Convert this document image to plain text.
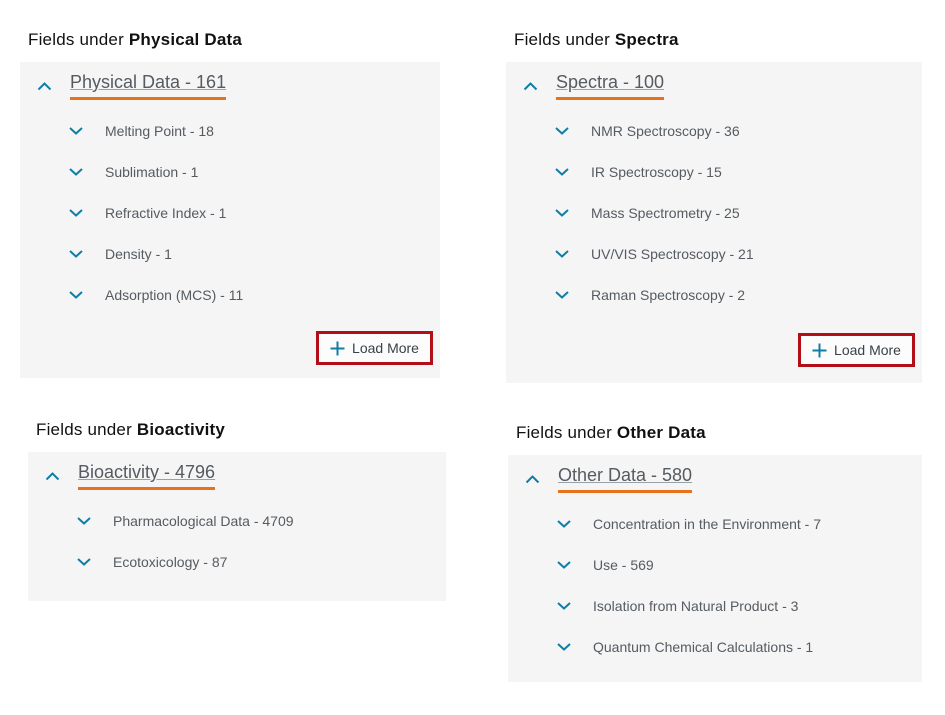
Fields under Physical Data
Physical Data - 161
Melting Point - 18
Sublimation - 1
Refractive Index - 1
Density - 1
Adsorption (MCS) - 11
Load More
Fields under Spectra
Spectra - 100
NMR Spectroscopy - 36
IR Spectroscopy - 15
Mass Spectrometry - 25
UV/VIS Spectroscopy - 21
Raman Spectroscopy - 2
Load More
Fields under Bioactivity
Bioactivity - 4796
Pharmacological Data - 4709
Ecotoxicology - 87
Fields under Other Data
Other Data - 580
Concentration in the Environment - 7
Use - 569
Isolation from Natural Product - 3
Quantum Chemical Calculations - 1
